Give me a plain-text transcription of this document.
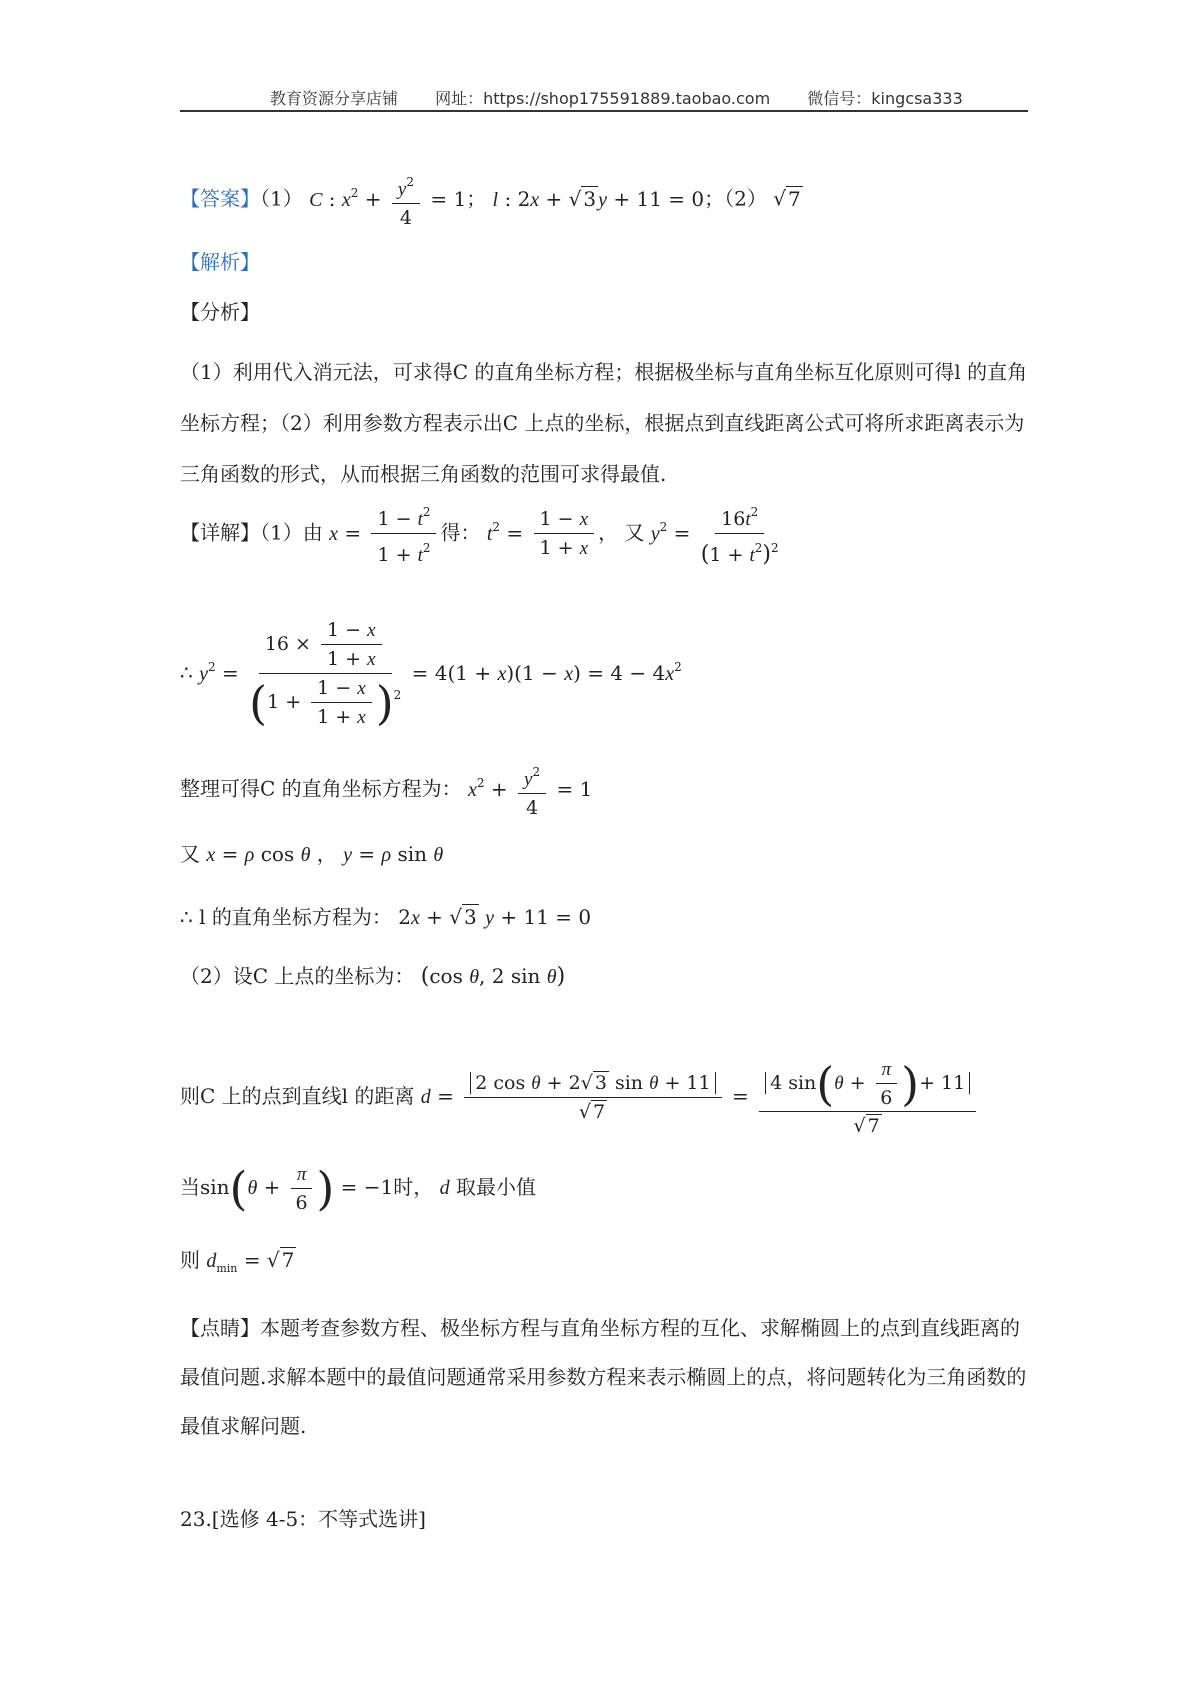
教育资源分享店铺 网址：https://shop175591889.taobao.com 微信号：kingcsa333
【答案】（1） C : $x^2 + \frac{y^2}{4} = 1$； l : 2x + √ 3 y + 11 = 0；（2） √ 7
【解析】
【分析】
（1）利用代入消元法，可求得C 的直角坐标方程；根据极坐标与直角坐标互化原则可得l 的直角坐标方程；（2）利用参数方程表示出C 上点的坐标，根据点到直线距离公式可将所求距离表示为三角函数的形式，从而根据三角函数的范围可求得最值.
【详解】（1）由 $x = \frac{1 - t^2}{1 + t^2}$ 得： $t^2 = \frac{1 - x}{1 + x}$ ， 又 $y^2 = \frac{16t^2}{(1 + t^2)^2}$
∴ $y^2 = \frac{16 \times \frac{1 - x}{1 + x}}{(1 + \frac{1 - x}{1 + x} )^2} = 4(1 + x)(1 - x) = 4 - 4x^2$
整理可得C 的直角坐标方程为： $x^2 + \frac{y^2}{4} = 1$
又 x = ρ cos θ ， y = ρ sin θ
∴ l 的直角坐标方程为： 2x + √ 3 y + 11 = 0
（2）设C 上点的坐标为： (cos θ, 2 sin θ)
则C 上的点到直线l 的距离 $d = \frac{\text{2 cos θ + 2√ 3 sin θ + 11}}{√ 7} = \frac{4 \sin(\theta + \frac{\pi}{6} )+ 11}{√ 7}$
当$\sin(\theta + \frac{\pi}{6}$ ) = −1时， d 取最小值
则 $d_{min}$ = √ 7
【点睛】本题考查参数方程、极坐标方程与直角坐标方程的互化、求解椭圆上的点到直线距离的最值问题.求解本题中的最值问题通常采用参数方程来表示椭圆上的点，将问题转化为三角函数的最值求解问题.
23.[选修 4-5：不等式选讲]
